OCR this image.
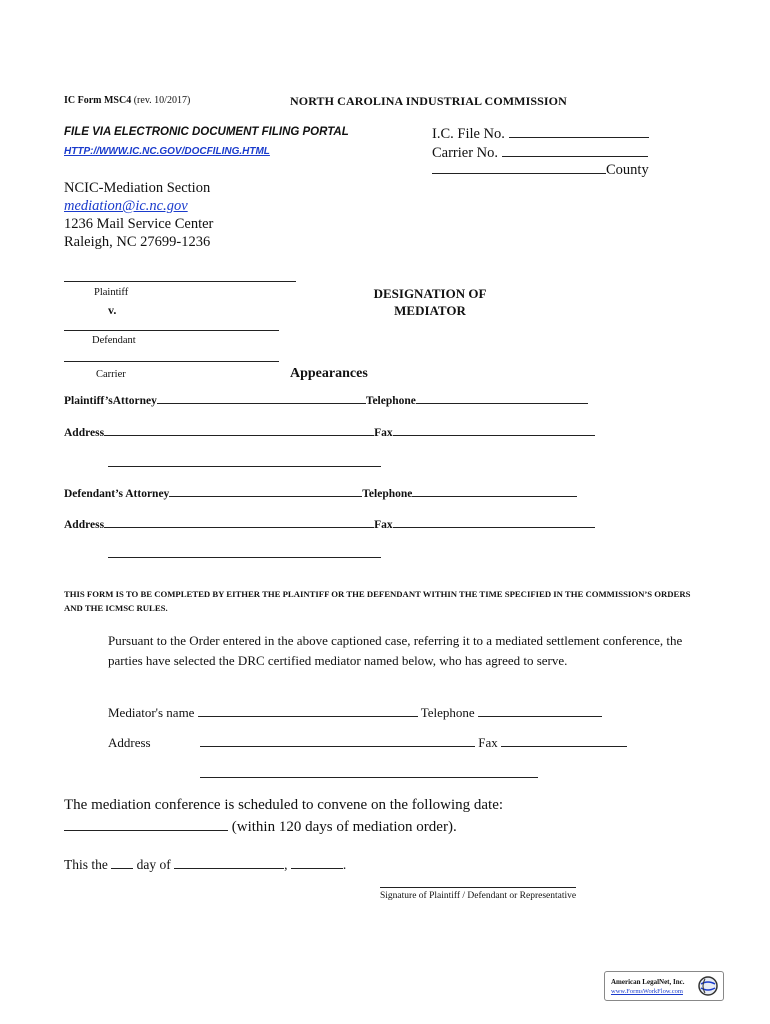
IC Form MSC4 (rev. 10/2017)	NORTH CAROLINA INDUSTRIAL COMMISSION
FILE VIA ELECTRONIC DOCUMENT FILING PORTAL
HTTP://WWW.IC.NC.GOV/DOCFILING.HTML
I.C. File No.
Carrier No.
County
NCIC-Mediation Section
mediation@ic.nc.gov
1236 Mail Service Center
Raleigh, NC 27699-1236
Plaintiff
v.
Defendant
Carrier
DESIGNATION OF MEDIATOR
Appearances
Plaintiff’sAttorney	Telephone
Address	Fax
Defendant’s Attorney	Telephone
Address	Fax
THIS FORM IS TO BE COMPLETED BY EITHER THE PLAINTIFF OR THE DEFENDANT WITHIN THE TIME SPECIFIED IN THE COMMISSION’S ORDERS AND THE ICMSC RULES.
Pursuant to the Order entered in the above captioned case, referring it to a mediated settlement conference, the parties have selected the DRC certified mediator named below, who has agreed to serve.
Mediator's name	Telephone
Address	Fax
The mediation conference is scheduled to convene on the following date:
(within 120 days of mediation order).
This the day of	,	.
Signature of Plaintiff / Defendant or Representative
American LegalNet, Inc.
www.FormsWorkFlow.com
